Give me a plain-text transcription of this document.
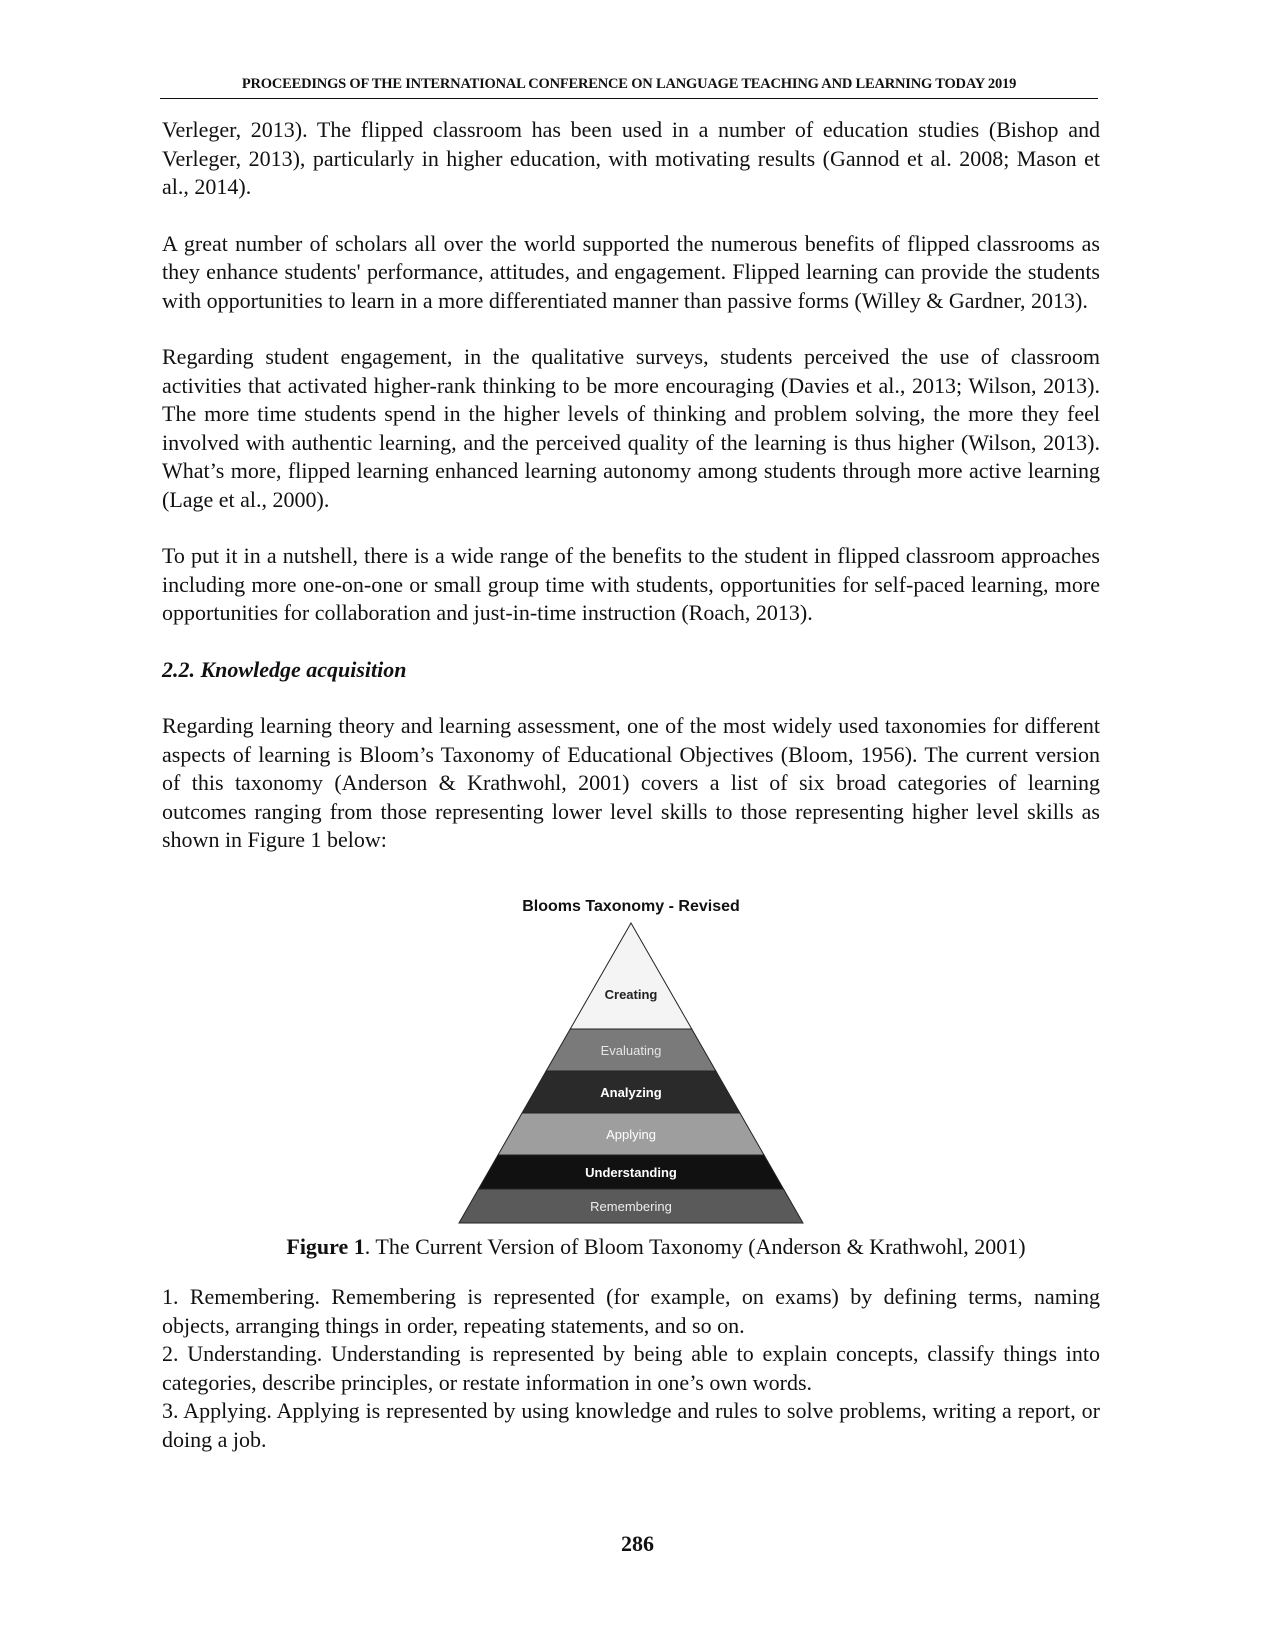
PROCEEDINGS OF THE INTERNATIONAL CONFERENCE ON LANGUAGE TEACHING AND LEARNING TODAY 2019

Verleger, 2013). The flipped classroom has been used in a number of education studies (Bishop and Verleger, 2013), particularly in higher education, with motivating results (Gannod et al. 2008; Mason et al., 2014).

A great number of scholars all over the world supported the numerous benefits of flipped classrooms as they enhance students' performance, attitudes, and engagement. Flipped learning can provide the students with opportunities to learn in a more differentiated manner than passive forms (Willey & Gardner, 2013).

Regarding student engagement, in the qualitative surveys, students perceived the use of classroom activities that activated higher-rank thinking to be more encouraging (Davies et al., 2013; Wilson, 2013). The more time students spend in the higher levels of thinking and problem solving, the more they feel involved with authentic learning, and the perceived quality of the learning is thus higher (Wilson, 2013). What’s more, flipped learning enhanced learning autonomy among students through more active learning (Lage et al., 2000).

To put it in a nutshell, there is a wide range of the benefits to the student in flipped classroom approaches including more one-on-one or small group time with students, opportunities for self-paced learning, more opportunities for collaboration and just-in-time instruction (Roach, 2013).

2.2. Knowledge acquisition

Regarding learning theory and learning assessment, one of the most widely used taxonomies for different aspects of learning is Bloom’s Taxonomy of Educational Objectives (Bloom, 1956). The current version of this taxonomy (Anderson & Krathwohl, 2001) covers a list of six broad categories of learning outcomes ranging from those representing lower level skills to those representing higher level skills as shown in Figure 1 below:

Blooms Taxonomy - Revised
Creating
Evaluating
Analyzing
Applying
Understanding
Remembering
Figure 1. The Current Version of Bloom Taxonomy (Anderson & Krathwohl, 2001)

1. Remembering. Remembering is represented (for example, on exams) by defining terms, naming objects, arranging things in order, repeating statements, and so on.

2. Understanding. Understanding is represented by being able to explain concepts, classify things into categories, describe principles, or restate information in one’s own words.

3. Applying. Applying is represented by using knowledge and rules to solve problems, writing a report, or doing a job.

286
